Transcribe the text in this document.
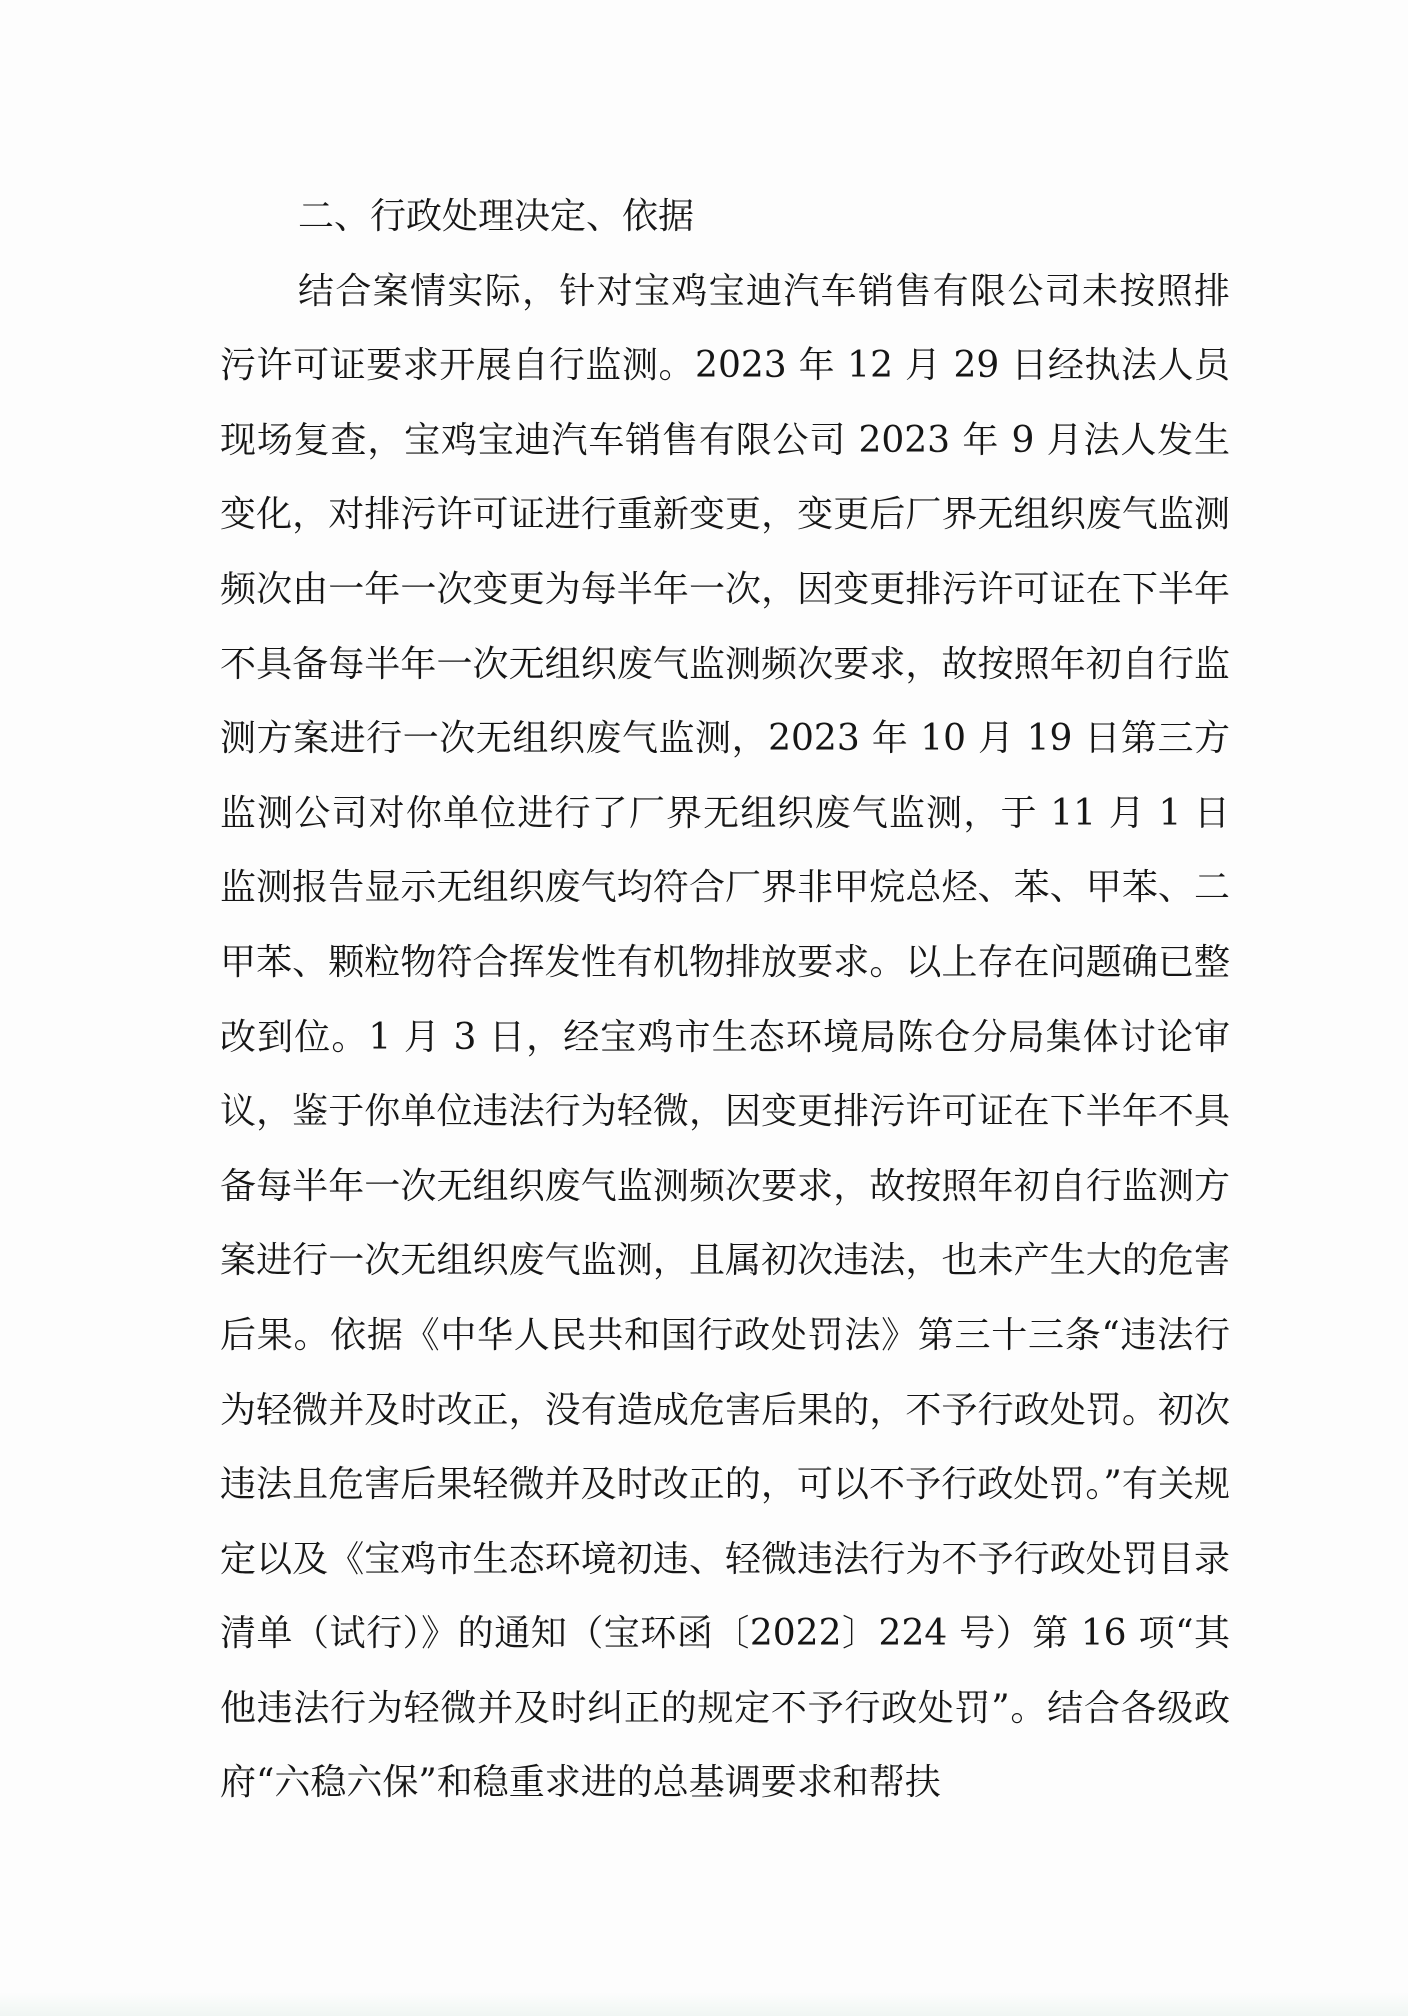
二、行政处理决定、依据

结合案情实际，针对宝鸡宝迪汽车销售有限公司未按照排污许可证要求开展自行监测。2023 年 12 月 29 日经执法人员现场复查，宝鸡宝迪汽车销售有限公司 2023 年 9 月法人发生变化，对排污许可证进行重新变更，变更后厂界无组织废气监测频次由一年一次变更为每半年一次，因变更排污许可证在下半年不具备每半年一次无组织废气监测频次要求，故按照年初自行监测方案进行一次无组织废气监测，2023 年 10 月 19 日第三方监测公司对你单位进行了厂界无组织废气监测，于 11 月 1 日监测报告显示无组织废气均符合厂界非甲烷总烃、苯、甲苯、二甲苯、颗粒物符合挥发性有机物排放要求。以上存在问题确已整改到位。1 月 3 日，经宝鸡市生态环境局陈仓分局集体讨论审议，鉴于你单位违法行为轻微，因变更排污许可证在下半年不具备每半年一次无组织废气监测频次要求，故按照年初自行监测方案进行一次无组织废气监测，且属初次违法，也未产生大的危害后果。依据《中华人民共和国行政处罚法》第三十三条“违法行为轻微并及时改正，没有造成危害后果的，不予行政处罚。初次违法且危害后果轻微并及时改正的，可以不予行政处罚。”有关规定以及《宝鸡市生态环境初违、轻微违法行为不予行政处罚目录清单（试行）》的通知（宝环函〔2022〕224 号）第 16 项“其他违法行为轻微并及时纠正的规定不予行政处罚”。结合各级政府“六稳六保”和稳重求进的总基调要求和帮扶
